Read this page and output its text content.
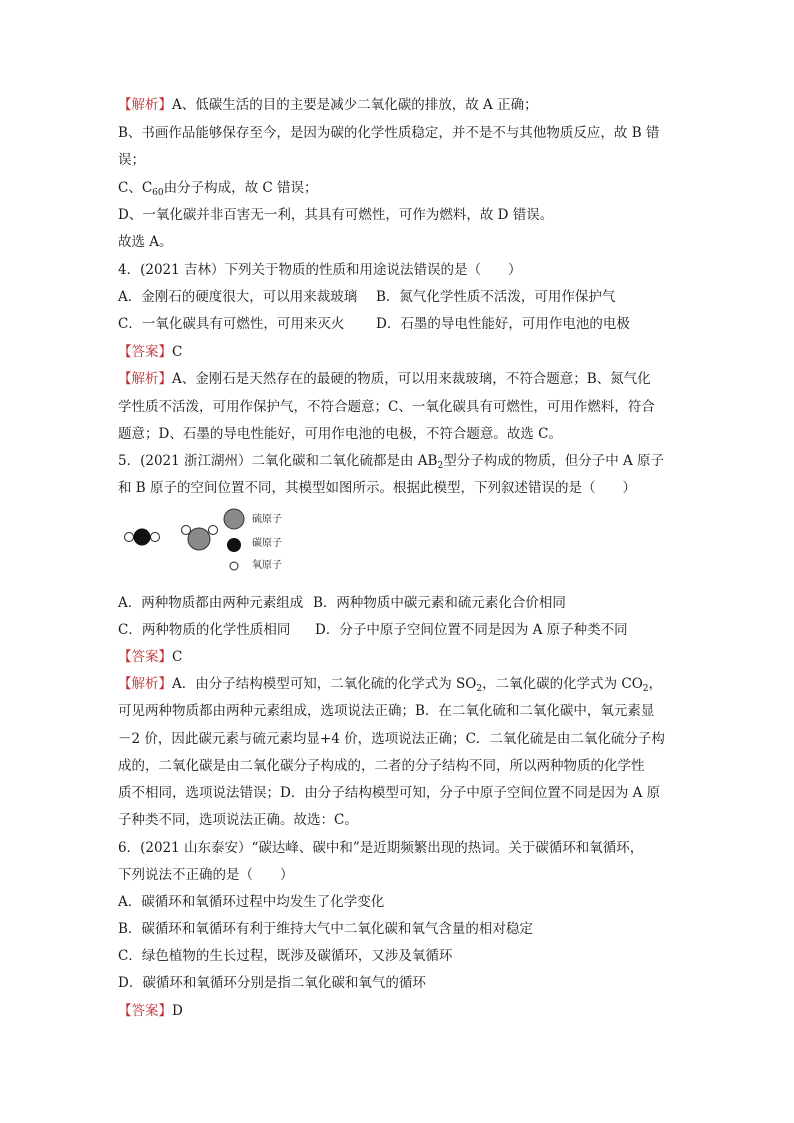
【解析】A、低碳生活的目的主要是减少二氧化碳的排放，故 A 正确；
B、书画作品能够保存至今，是因为碳的化学性质稳定，并不是不与其他物质反应，故 B 错
误；
C、$C_{60}$由分子构成，故 C 错误；
D、一氧化碳并非百害无一利，其具有可燃性，可作为燃料，故 D 错误。
故选 A。
4．(2021 吉林）下列关于物质的性质和用途说法错误的是（　　）
A．金刚石的硬度很大，可以用来裁玻璃 B．氮气化学性质不活泼，可用作保护气
C．一氧化碳具有可燃性，可用来灭火 D．石墨的导电性能好，可用作电池的电极
【答案】C
【解析】A、金刚石是天然存在的最硬的物质，可以用来裁玻璃，不符合题意；B、氮气化
学性质不活泼，可用作保护气，不符合题意；C、一氧化碳具有可燃性，可用作燃料，符合
题意；D、石墨的导电性能好，可用作电池的电极，不符合题意。故选 C。
5．(2021 浙江湖州）二氧化碳和二氧化硫都是由 $AB_2$型分子构成的物质，但分子中 A 原子
和 B 原子的空间位置不同，其模型如图所示。根据此模型，下列叙述错误的是（　　）
硫原子
碳原子
氧原子
A．两种物质都由两种元素组成 B．两种物质中碳元素和硫元素化合价相同
C．两种物质的化学性质相同 D．分子中原子空间位置不同是因为 A 原子种类不同
【答案】C
【解析】A．由分子结构模型可知，二氧化硫的化学式为 $SO_2$，二氧化碳的化学式为 $CO_2$，
可见两种物质都由两种元素组成，选项说法正确；B．在二氧化硫和二氧化碳中，氧元素显
－2 价，因此碳元素与硫元素均显+4 价，选项说法正确；C．二氧化硫是由二氧化硫分子构
成的，二氧化碳是由二氧化碳分子构成的，二者的分子结构不同，所以两种物质的化学性
质不相同，选项说法错误；D．由分子结构模型可知，分子中原子空间位置不同是因为 A 原
子种类不同，选项说法正确。故选：C。
6．(2021 山东泰安）“碳达峰、碳中和”是近期频繁出现的热词。关于碳循环和氧循环，
下列说法不正确的是（　　）
A．碳循环和氧循环过程中均发生了化学变化
B．碳循环和氧循环有利于维持大气中二氧化碳和氧气含量的相对稳定
C．绿色植物的生长过程，既涉及碳循环，又涉及氧循环
D．碳循环和氧循环分别是指二氧化碳和氧气的循环
【答案】D
